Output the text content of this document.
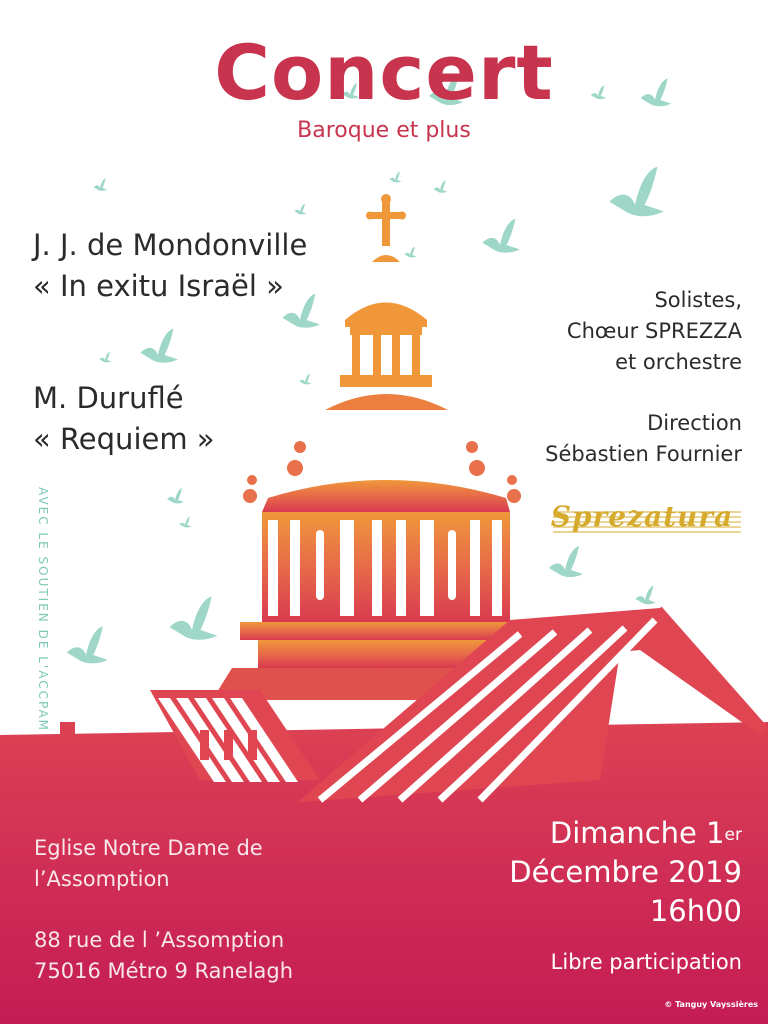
Concert

Baroque et plus

J. J. de Mondonville
« In exitu Israël »
M. Duruflé
« Requiem »
Solistes,
Chœur SPREZZA
et orchestre
Direction
Sébastien Fournier
AVEC LE SOUTIEN DE L'ACCPAM	Sprezatura
Eglise Notre Dame de
l’Assomption
88 rue de l ’Assomption
75016 Métro 9 Ranelagh
Dimanche 1er
Décembre 2019
16h00
Libre participation
© Tanguy Vayssières
